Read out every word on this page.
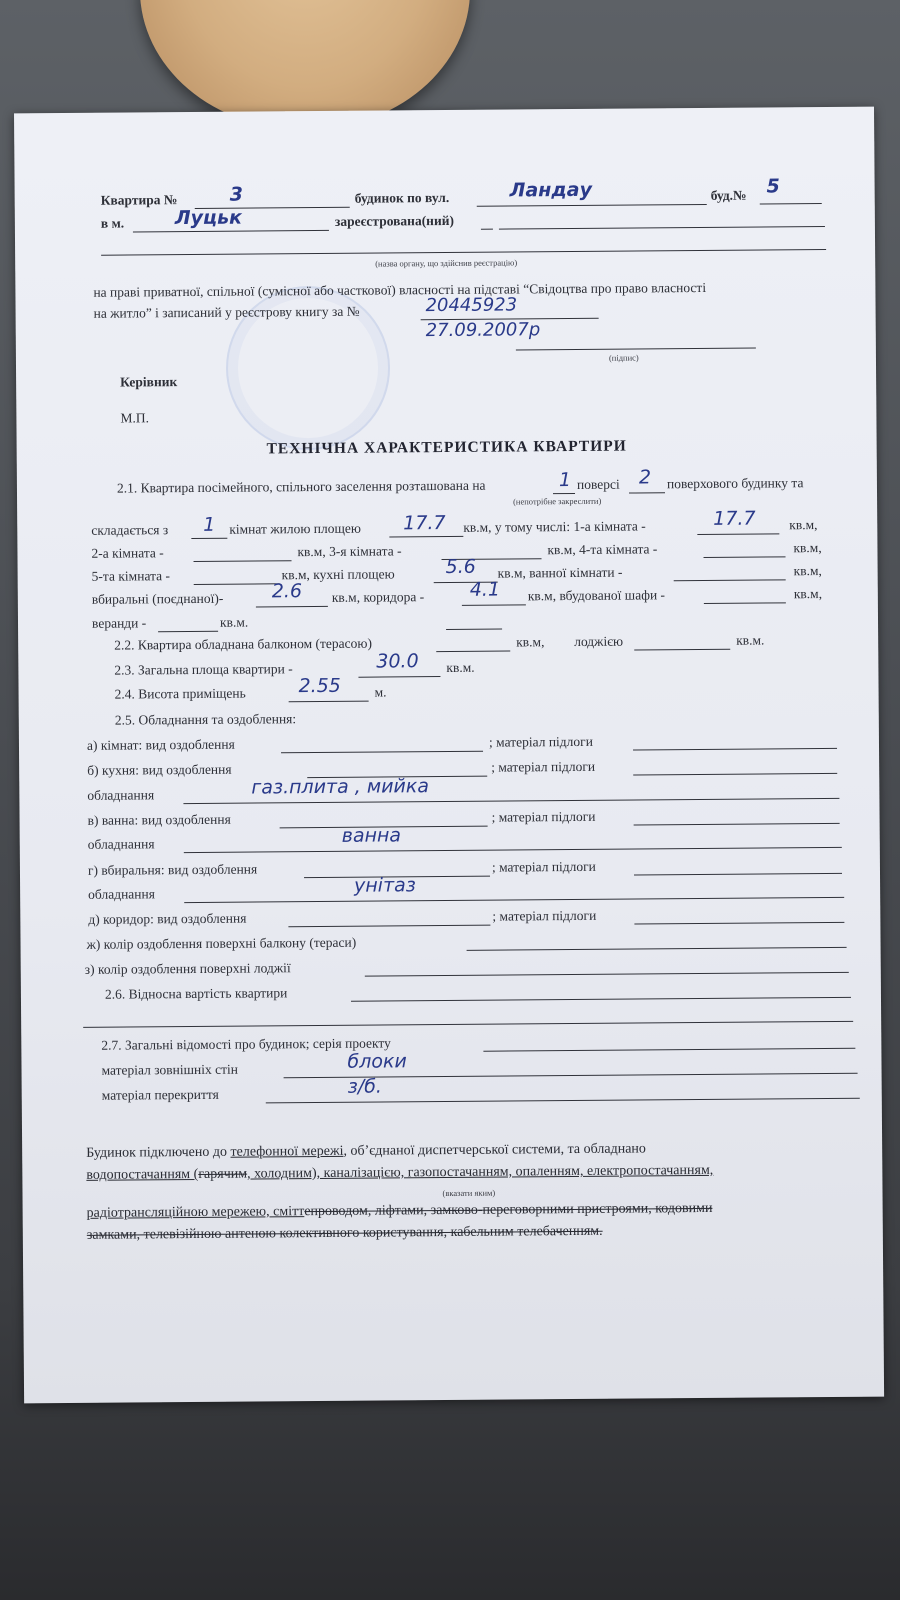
Квартира №	3	будинок по вул.	Ландау	буд.№ 5
в м.	Луцьк	зареєстрована(ний)
(назва органу, що здійснив реєстрацію)
на праві приватної, спільної (сумісної або часткової) власності на підставі “Свідоцтва про право власності
на житло” і записаний у реєстрову книгу за №	20445923
27.09.2007р
(підпис)
Керівник
М.П.
ТЕХНІЧНА ХАРАКТЕРИСТИКА КВАРТИРИ
2.1. Квартира посімейного, спільного заселення розташована на	1 поверсі 2 поверхового будинку та
(непотрібне закреслити)
складається з 1 кімнат жилою площею 17.7 кв.м, у тому числі: 1-а кімната -	17.7 кв.м,
2-а кімната -	кв.м, 3-я кімната -	кв.м, 4-та кімната -	кв.м,
5-та кімната -	кв.м, кухні площею	5.6 кв.м, ванної кімнати -	кв.м,
вбиральні (поєднаної)-	2.6 кв.м, коридора - 4.1 кв.м, вбудованої шафи -	кв.м,
веранди -	кв.м.
2.2. Квартира обладнана балконом (терасою)	кв.м, лоджією	кв.м.
2.3. Загальна площа квартири -	30.0 кв.м.
2.4. Висота приміщень	2.55 м.
2.5. Обладнання та оздоблення:
а) кімнат: вид оздоблення	; матеріал підлоги
б) кухня: вид оздоблення	; матеріал підлоги
обладнання	газ.плита , мийка
в) ванна: вид оздоблення	; матеріал підлоги
обладнання	ванна
г) вбиральня: вид оздоблення	; матеріал підлоги
обладнання	унітаз
д) коридор: вид оздоблення	; матеріал підлоги
ж) колір оздоблення поверхні балкону (тераси)
з) колір оздоблення поверхні лоджії
2.6. Відносна вартість квартири
2.7. Загальні відомості про будинок; серія проекту
матеріал зовнішніх стін	блоки
матеріал перекриття	з/б.
Будинок підключено до телефонної мережі, об’єднаної диспетчерської системи, та обладнано
водопостачанням (гарячим, холодним), каналізацією, газопостачанням, опаленням, електропостачанням,
(вказати яким)
радіотрансляційною мережею, сміттепроводом, ліфтами, замково-переговорними пристроями, кодовими
замками, телевізійною антеною колективного користування, кабельним телебаченням.
